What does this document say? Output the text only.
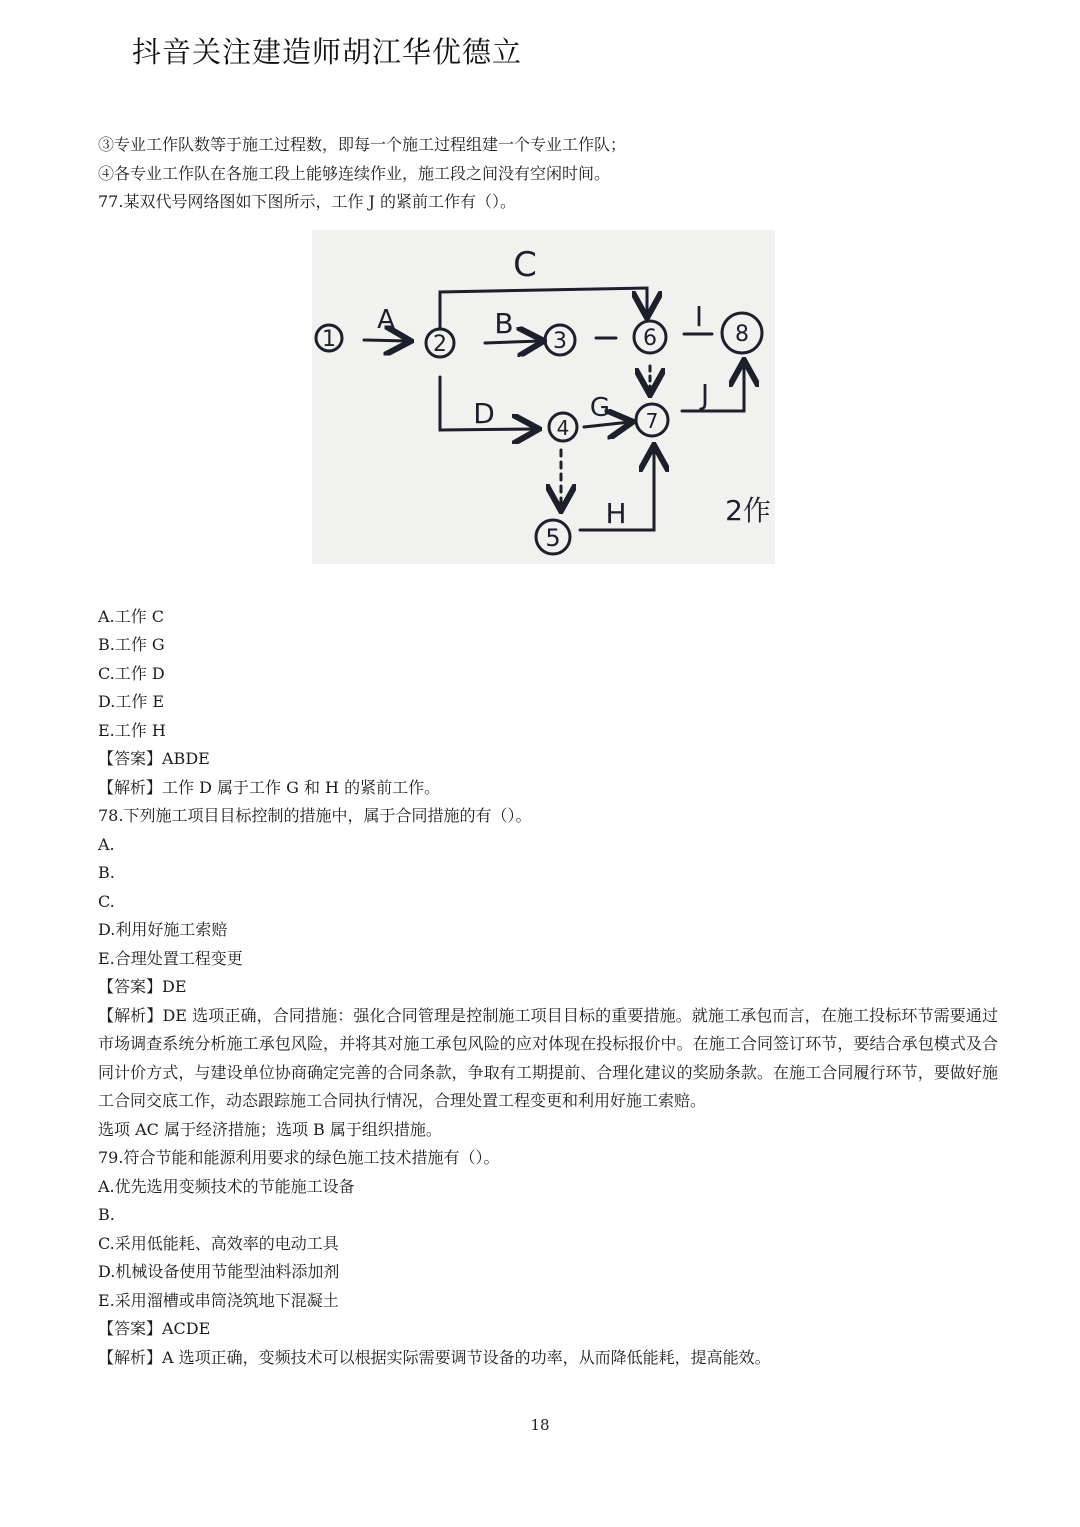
抖音关注建造师胡江华优德立
③专业工作队数等于施工过程数，即每一个施工过程组建一个专业工作队；
④各专业工作队在各施工段上能够连续作业，施工段之间没有空闲时间。
77.某双代号网络图如下图所示，工作 J 的紧前工作有（）。
1	2	3	6	8
4	7
5
A	B
C
D	G
H
I
J
2作
A.工作 C
B.工作 G
C.工作 D
D.工作 E
E.工作 H
【答案】ABDE
【解析】工作 D 属于工作 G 和 H 的紧前工作。
78.下列施工项目目标控制的措施中，属于合同措施的有（）。
A.
B.
C.
D.利用好施工索赔
E.合理处置工程变更
【答案】DE
【解析】DE 选项正确，合同措施：强化合同管理是控制施工项目目标的重要措施。就施工承包而言，在施工投标环节需要通过市场调查系统分析施工承包风险，并将其对施工承包风险的应对体现在投标报价中。在施工合同签订环节，要结合承包模式及合同计价方式，与建设单位协商确定完善的合同条款，争取有工期提前、合理化建议的奖励条款。在施工合同履行环节，要做好施工合同交底工作，动态跟踪施工合同执行情况，合理处置工程变更和利用好施工索赔。
选项 AC 属于经济措施；选项 B 属于组织措施。
79.符合节能和能源利用要求的绿色施工技术措施有（）。
A.优先选用变频技术的节能施工设备
B.
C.采用低能耗、高效率的电动工具
D.机械设备使用节能型油料添加剂
E.采用溜槽或串筒浇筑地下混凝土
【答案】ACDE
【解析】A 选项正确，变频技术可以根据实际需要调节设备的功率，从而降低能耗，提高能效。
18
